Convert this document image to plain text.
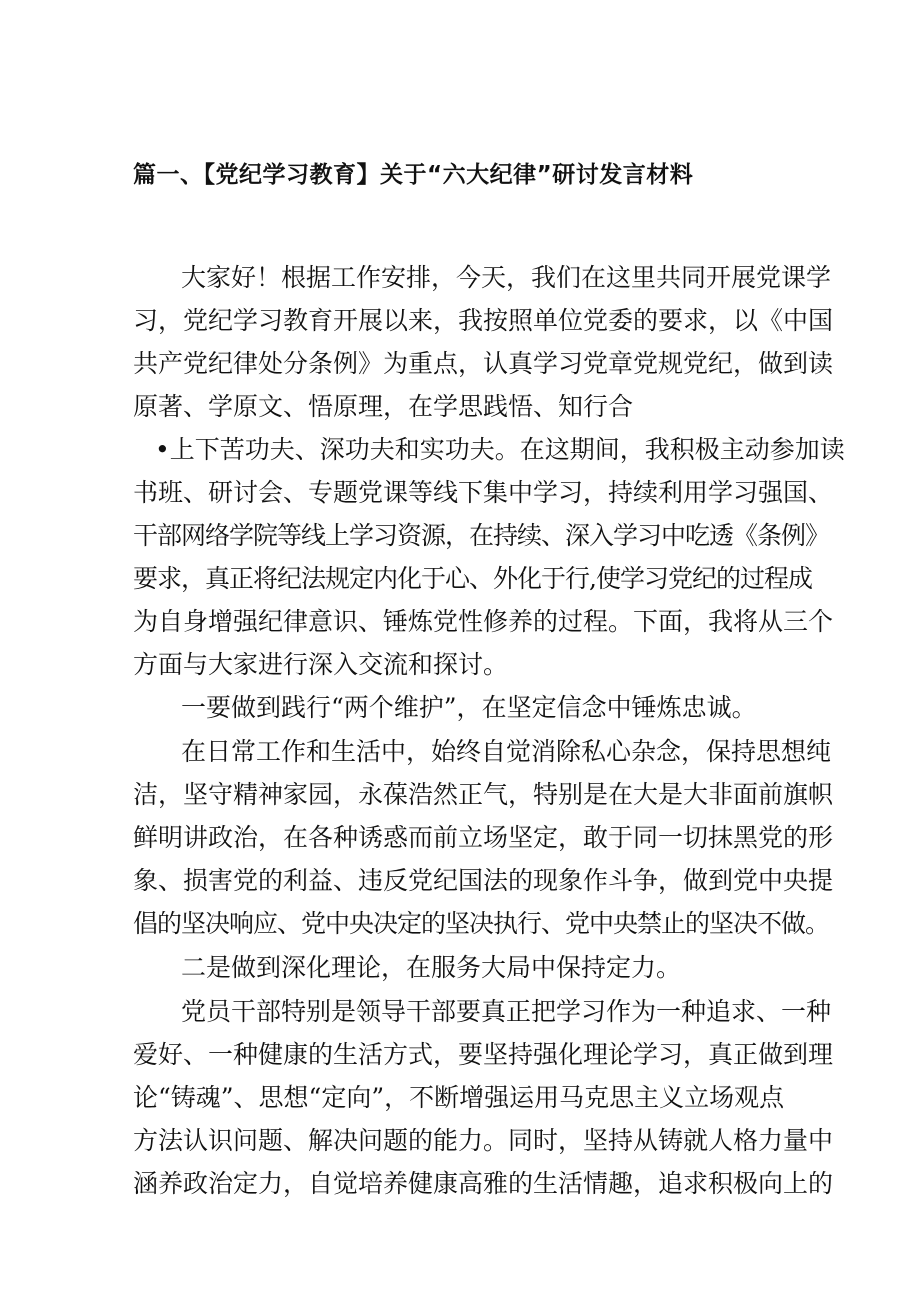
篇一、【党纪学习教育】关于“六大纪律”研讨发言材料
大家好！根据工作安排，今天，我们在这里共同开展党课学
习，党纪学习教育开展以来，我按照单位党委的要求，以《中国
共产党纪律处分条例》为重点，认真学习党章党规党纪，做到读
原著、学原文、悟原理，在学思践悟、知行合
•上下苦功夫、深功夫和实功夫。在这期间，我积极主动参加读
书班、研讨会、专题党课等线下集中学习，持续利用学习强国、
干部网络学院等线上学习资源，在持续、深入学习中吃透《条例》
要求，真正将纪法规定内化于心、外化于行,使学习党纪的过程成
为自身增强纪律意识、锤炼党性修养的过程。下面，我将从三个
方面与大家进行深入交流和探讨。
一要做到践行“两个维护”，在坚定信念中锤炼忠诚。
在日常工作和生活中，始终自觉消除私心杂念，保持思想纯
洁，坚守精神家园，永葆浩然正气，特别是在大是大非面前旗帜
鲜明讲政治，在各种诱惑而前立场坚定，敢于同一切抹黑党的形
象、损害党的利益、违反党纪国法的现象作斗争，做到党中央提
倡的坚决响应、党中央决定的坚决执行、党中央禁止的坚决不做。
二是做到深化理论，在服务大局中保持定力。
党员干部特别是领导干部要真正把学习作为一种追求、一种
爱好、一种健康的生活方式，要坚持强化理论学习，真正做到理
论“铸魂”、思想“定向”，不断增强运用马克思主义立场观点
方法认识问题、解决问题的能力。同时，坚持从铸就人格力量中
涵养政治定力，自觉培养健康高雅的生活情趣，追求积极向上的
